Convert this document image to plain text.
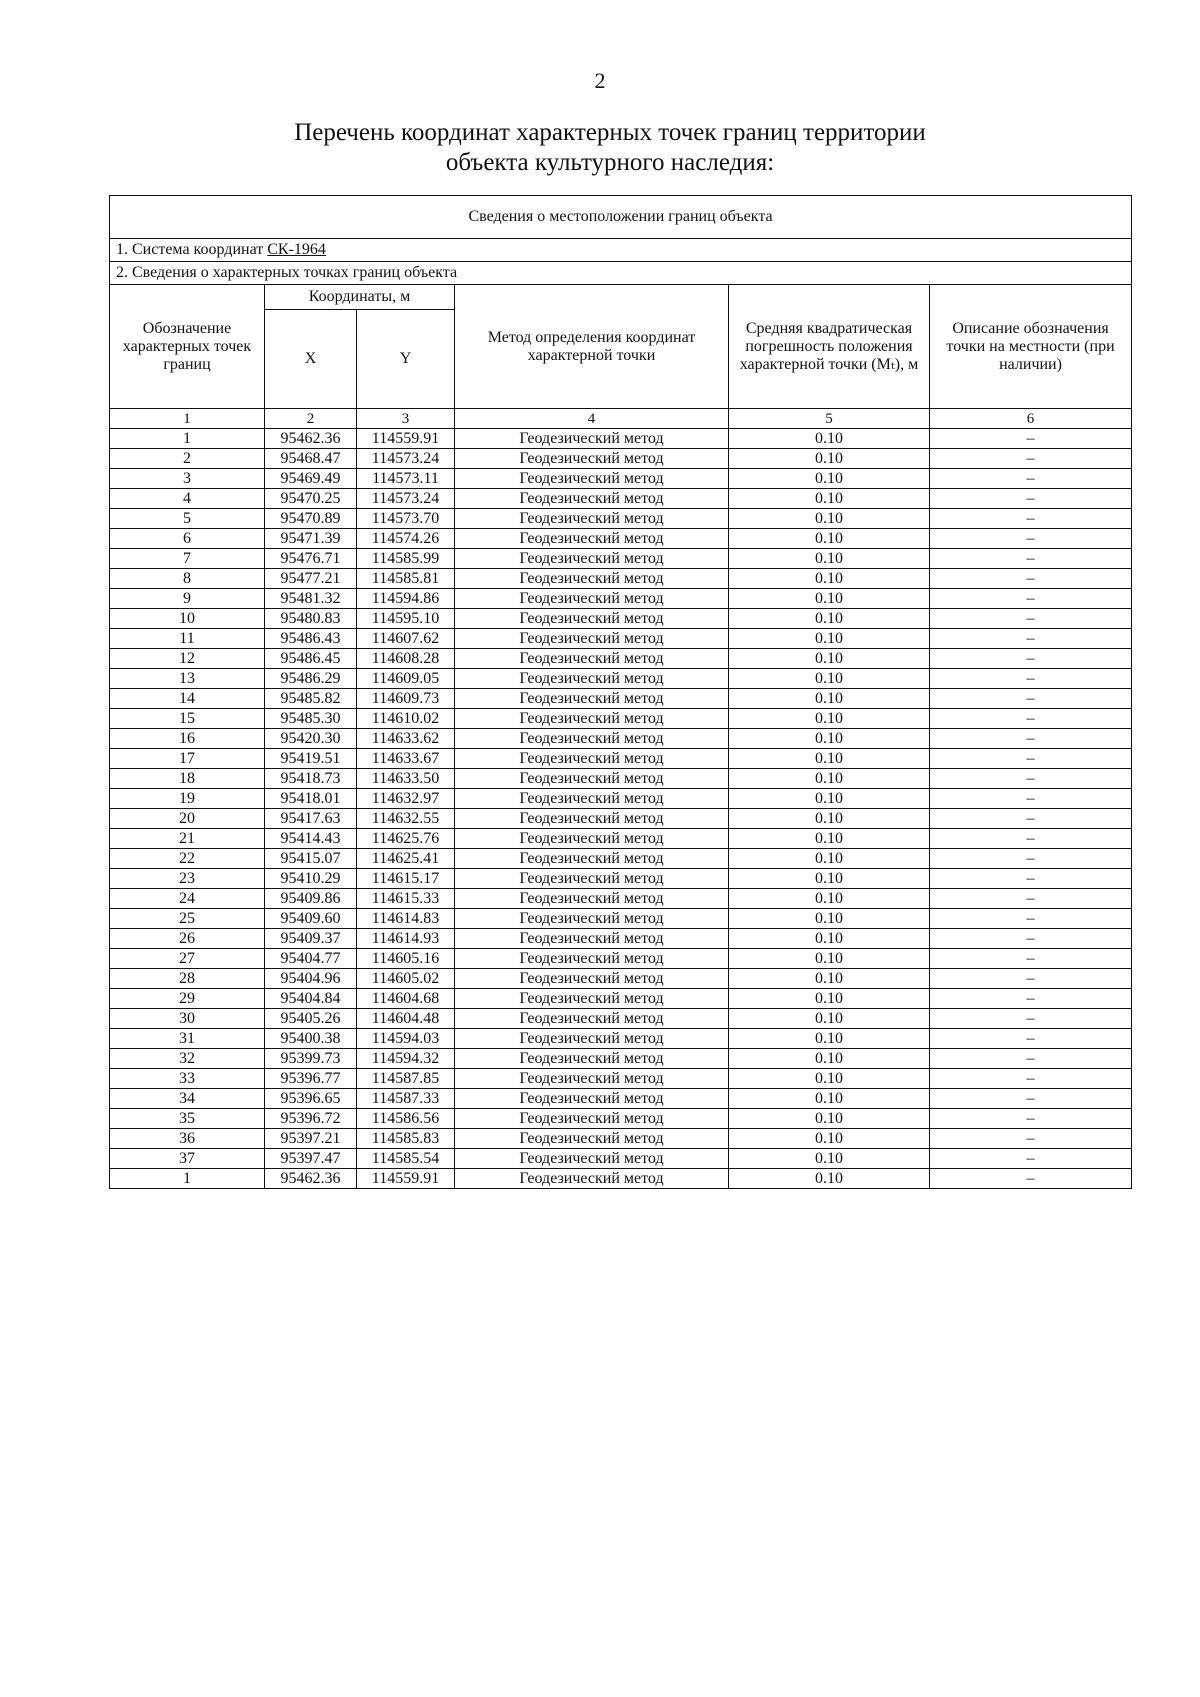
2
Перечень координат характерных точек границ территории
объекта культурного наследия:
Сведения о местоположении границ объекта					
1. Система координат СК-1964					
2. Сведения о характерных точках границ объекта					
Обозначение характерных точек границ	Координаты, м		Метод определения координат характерной точки	Средняя квадратическая погрешность положения характерной точки (Mₜ), м	Описание обозначения точки на местности (при наличии)
	X	Y			
1	2	3	4	5	6
1	95462.36	114559.91	Геодезический метод	0.10	–
2	95468.47	114573.24	Геодезический метод	0.10	–
3	95469.49	114573.11	Геодезический метод	0.10	–
4	95470.25	114573.24	Геодезический метод	0.10	–
5	95470.89	114573.70	Геодезический метод	0.10	–
6	95471.39	114574.26	Геодезический метод	0.10	–
7	95476.71	114585.99	Геодезический метод	0.10	–
8	95477.21	114585.81	Геодезический метод	0.10	–
9	95481.32	114594.86	Геодезический метод	0.10	–
10	95480.83	114595.10	Геодезический метод	0.10	–
11	95486.43	114607.62	Геодезический метод	0.10	–
12	95486.45	114608.28	Геодезический метод	0.10	–
13	95486.29	114609.05	Геодезический метод	0.10	–
14	95485.82	114609.73	Геодезический метод	0.10	–
15	95485.30	114610.02	Геодезический метод	0.10	–
16	95420.30	114633.62	Геодезический метод	0.10	–
17	95419.51	114633.67	Геодезический метод	0.10	–
18	95418.73	114633.50	Геодезический метод	0.10	–
19	95418.01	114632.97	Геодезический метод	0.10	–
20	95417.63	114632.55	Геодезический метод	0.10	–
21	95414.43	114625.76	Геодезический метод	0.10	–
22	95415.07	114625.41	Геодезический метод	0.10	–
23	95410.29	114615.17	Геодезический метод	0.10	–
24	95409.86	114615.33	Геодезический метод	0.10	–
25	95409.60	114614.83	Геодезический метод	0.10	–
26	95409.37	114614.93	Геодезический метод	0.10	–
27	95404.77	114605.16	Геодезический метод	0.10	–
28	95404.96	114605.02	Геодезический метод	0.10	–
29	95404.84	114604.68	Геодезический метод	0.10	–
30	95405.26	114604.48	Геодезический метод	0.10	–
31	95400.38	114594.03	Геодезический метод	0.10	–
32	95399.73	114594.32	Геодезический метод	0.10	–
33	95396.77	114587.85	Геодезический метод	0.10	–
34	95396.65	114587.33	Геодезический метод	0.10	–
35	95396.72	114586.56	Геодезический метод	0.10	–
36	95397.21	114585.83	Геодезический метод	0.10	–
37	95397.47	114585.54	Геодезический метод	0.10	–
1	95462.36	114559.91	Геодезический метод	0.10	–
